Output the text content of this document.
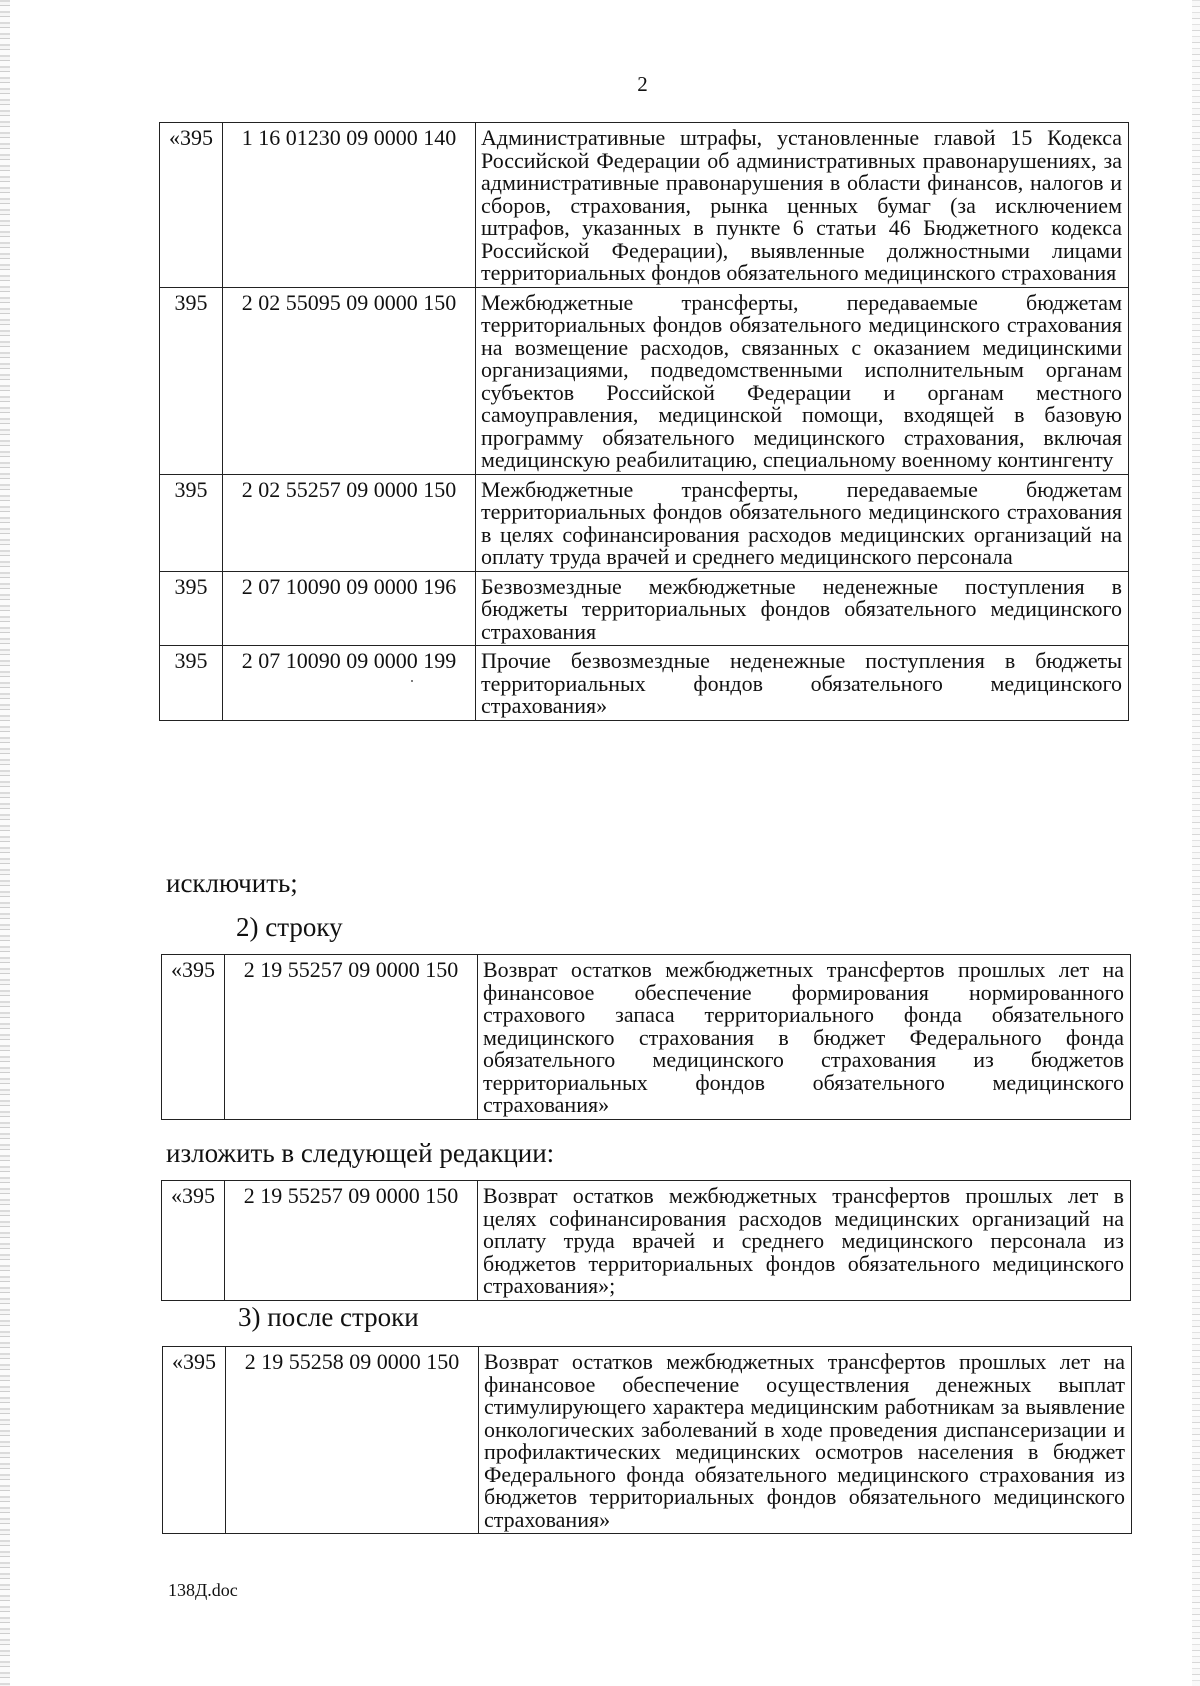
2
«395	1 16 01230 09 0000 140	Административные штрафы, установленные главой 15 Кодекса Российской Федерации об административных правонарушениях, за административные правонарушения в области финансов, налогов и сборов, страхования, рынка ценных бумаг (за исключением штрафов, указанных в пункте 6 статьи 46 Бюджетного кодекса Российской Федерации), выявленные должностными лицами территориальных фондов обязательного медицинского страхования
395	2 02 55095 09 0000 150	Межбюджетные трансферты, передаваемые бюджетам территориальных фондов обязательного медицинского страхования на возмещение расходов, связанных с оказанием медицинскими организациями, подведомственными исполнительным органам субъектов Российской Федерации и органам местного самоуправления, медицинской помощи, входящей в базовую программу обязательного медицинского страхования, включая медицинскую реабилитацию, специальному военному контингенту
395	2 02 55257 09 0000 150	Межбюджетные трансферты, передаваемые бюджетам территориальных фондов обязательного медицинского страхования в целях софинансирования расходов медицинских организаций на оплату труда врачей и среднего медицинского персонала
395	2 07 10090 09 0000 196	Безвозмездные межбюджетные неденежные поступления в бюджеты территориальных фондов обязательного медицинского страхования
395	2 07 10090 09 0000 199	Прочие безвозмездные неденежные поступления в бюджеты территориальных фондов обязательного медицинского страхования»
исключить;
2) строку
«395	2 19 55257 09 0000 150	Возврат остатков межбюджетных трансфертов прошлых лет на финансовое обеспечение формирования нормированного страхового запаса территориального фонда обязательного медицинского страхования в бюджет Федерального фонда обязательного медицинского страхования из бюджетов территориальных фондов обязательного медицинского страхования»
изложить в следующей редакции:
«395	2 19 55257 09 0000 150	Возврат остатков межбюджетных трансфертов прошлых лет в целях софинансирования расходов медицинских организаций на оплату труда врачей и среднего медицинского персонала из бюджетов территориальных фондов обязательного медицинского страхования»;
3) после строки
«395	2 19 55258 09 0000 150	Возврат остатков межбюджетных трансфертов прошлых лет на финансовое обеспечение осуществления денежных выплат стимулирующего характера медицинским работникам за выявление онкологических заболеваний в ходе проведения диспансеризации и профилактических медицинских осмотров населения в бюджет Федерального фонда обязательного медицинского страхования из бюджетов территориальных фондов обязательного медицинского страхования»
138Д.doc
